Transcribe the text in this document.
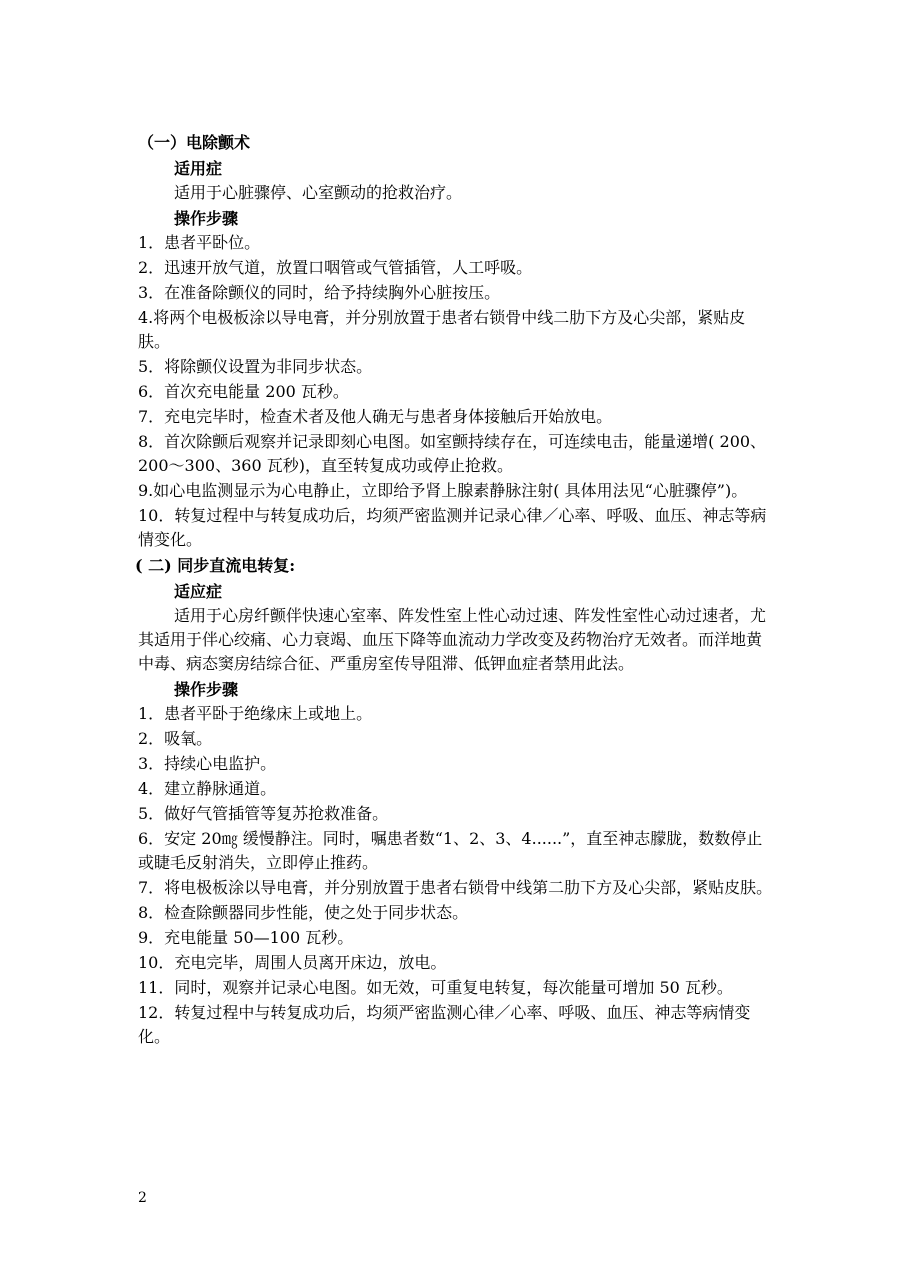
（一）电除颤术

适用症

适用于心脏骤停、心室颤动的抢救治疗。

操作步骤

1．患者平卧位。

2．迅速开放气道，放置口咽管或气管插管，人工呼吸。

3．在准备除颤仪的同时，给予持续胸外心脏按压。

4.将两个电极板涂以导电膏，并分别放置于患者右锁骨中线二肋下方及心尖部，紧贴皮肤。

5．将除颤仪设置为非同步状态。

6．首次充电能量 200 瓦秒。

7．充电完毕时，检查术者及他人确无与患者身体接触后开始放电。

8．首次除颤后观察并记录即刻心电图。如室颤持续存在，可连续电击，能量递增( 200、200～300、360 瓦秒)，直至转复成功或停止抢救。

9.如心电监测显示为心电静止，立即给予肾上腺素静脉注射( 具体用法见“心脏骤停”)。

10．转复过程中与转复成功后，均须严密监测并记录心律／心率、呼吸、血压、神志等病情变化。

( 二) 同步直流电转复:

适应症

适用于心房纤颤伴快速心室率、阵发性室上性心动过速、阵发性室性心动过速者，尤其适用于伴心绞痛、心力衰竭、血压下降等血流动力学改变及药物治疗无效者。而洋地黄中毒、病态窦房结综合征、严重房室传导阻滞、低钾血症者禁用此法。

操作步骤

1．患者平卧于绝缘床上或地上。

2．吸氧。

3．持续心电监护。

4．建立静脉通道。

5．做好气管插管等复苏抢救准备。

6．安定 20㎎ 缓慢静注。同时，嘱患者数“1、2、3、4......”，直至神志朦胧，数数停止或睫毛反射消失，立即停止推药。

7．将电极板涂以导电膏，并分别放置于患者右锁骨中线第二肋下方及心尖部，紧贴皮肤。

8．检查除颤器同步性能，使之处于同步状态。

9．充电能量 50—100 瓦秒。

10．充电完毕，周围人员离开床边，放电。

11．同时，观察并记录心电图。如无效，可重复电转复，每次能量可增加 50 瓦秒。

12．转复过程中与转复成功后，均须严密监测心律／心率、呼吸、血压、神志等病情变化。

2
